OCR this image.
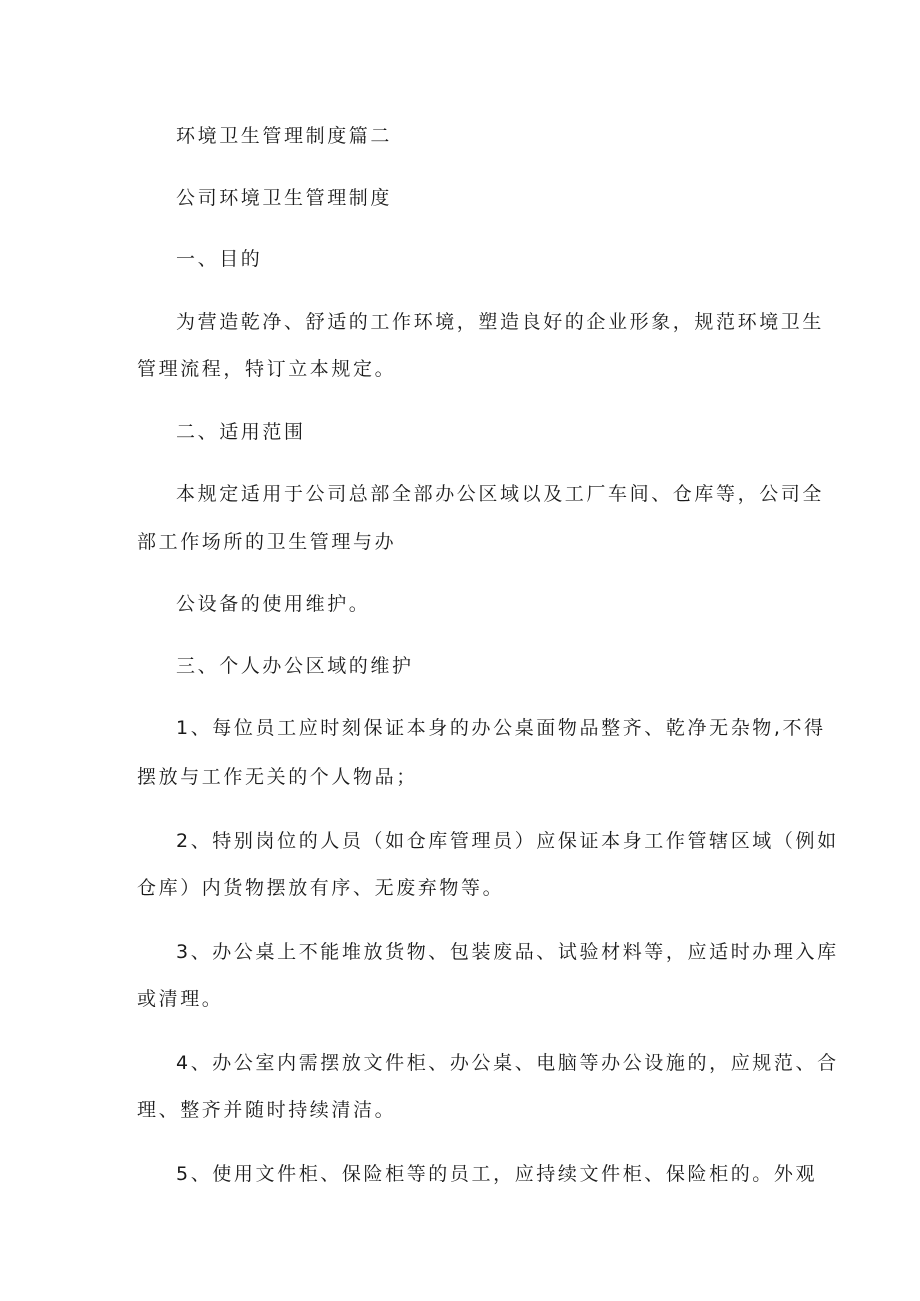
环境卫生管理制度篇二
公司环境卫生管理制度
一、目的
为营造乾净、舒适的工作环境，塑造良好的企业形象，规范环境卫生
管理流程，特订立本规定。
二、适用范围
本规定适用于公司总部全部办公区域以及工厂车间、仓库等，公司全
部工作场所的卫生管理与办
公设备的使用维护。
三、个人办公区域的维护
1、每位员工应时刻保证本身的办公桌面物品整齐、乾净无杂物,不得
摆放与工作无关的个人物品；
2、特别岗位的人员（如仓库管理员）应保证本身工作管辖区域（例如
仓库）内货物摆放有序、无废弃物等。
3、办公桌上不能堆放货物、包装废品、试验材料等，应适时办理入库
或清理。
4、办公室内需摆放文件柜、办公桌、电脑等办公设施的，应规范、合
理、整齐并随时持续清洁。
5、使用文件柜、保险柜等的员工，应持续文件柜、保险柜的。外观
